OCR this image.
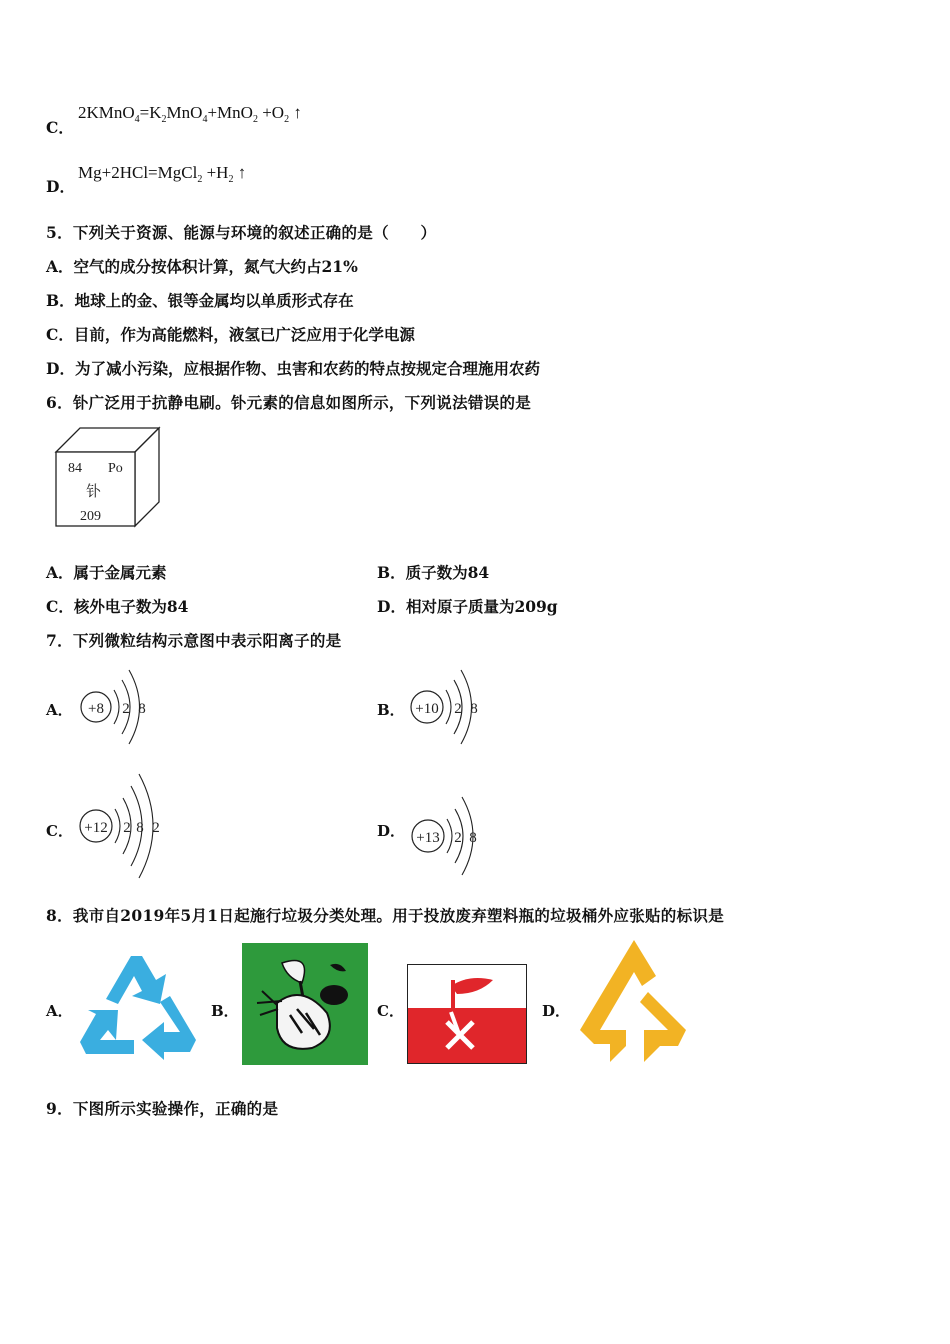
C．
$2KMnO_4=K_2MnO_4+MnO_2 +O_2$ ↑
D．
Mg+2HCl=MgCl$_2$ $+H_2$ ↑
5．下列关于资源、能源与环境的叙述正确的是（　　）
A．空气的成分按体积计算，氮气大约占21%
B．地球上的金、银等金属均以单质形式存在
C．目前，作为高能燃料，液氢已广泛应用于化学电源
D．为了减小污染，应根据作物、虫害和农药的特点按规定合理施用农药
6．钋广泛用于抗静电刷。钋元素的信息如图所示，下列说法错误的是
84 Po
钋
209
A．属于金属元素	B．质子数为84
C．核外电子数为84	D．相对原子质量为209g
7．下列微粒结构示意图中表示阳离子的是
A． +8 2 8	B． +10 2 8
C． +12 2 8 2	D． +13 2 8
8．我市自2019年5月1日起施行垃圾分类处理。用于投放废弃塑料瓶的垃圾桶外应张贴的标识是
A．	B．	C．	D．
9．下图所示实验操作，正确的是
